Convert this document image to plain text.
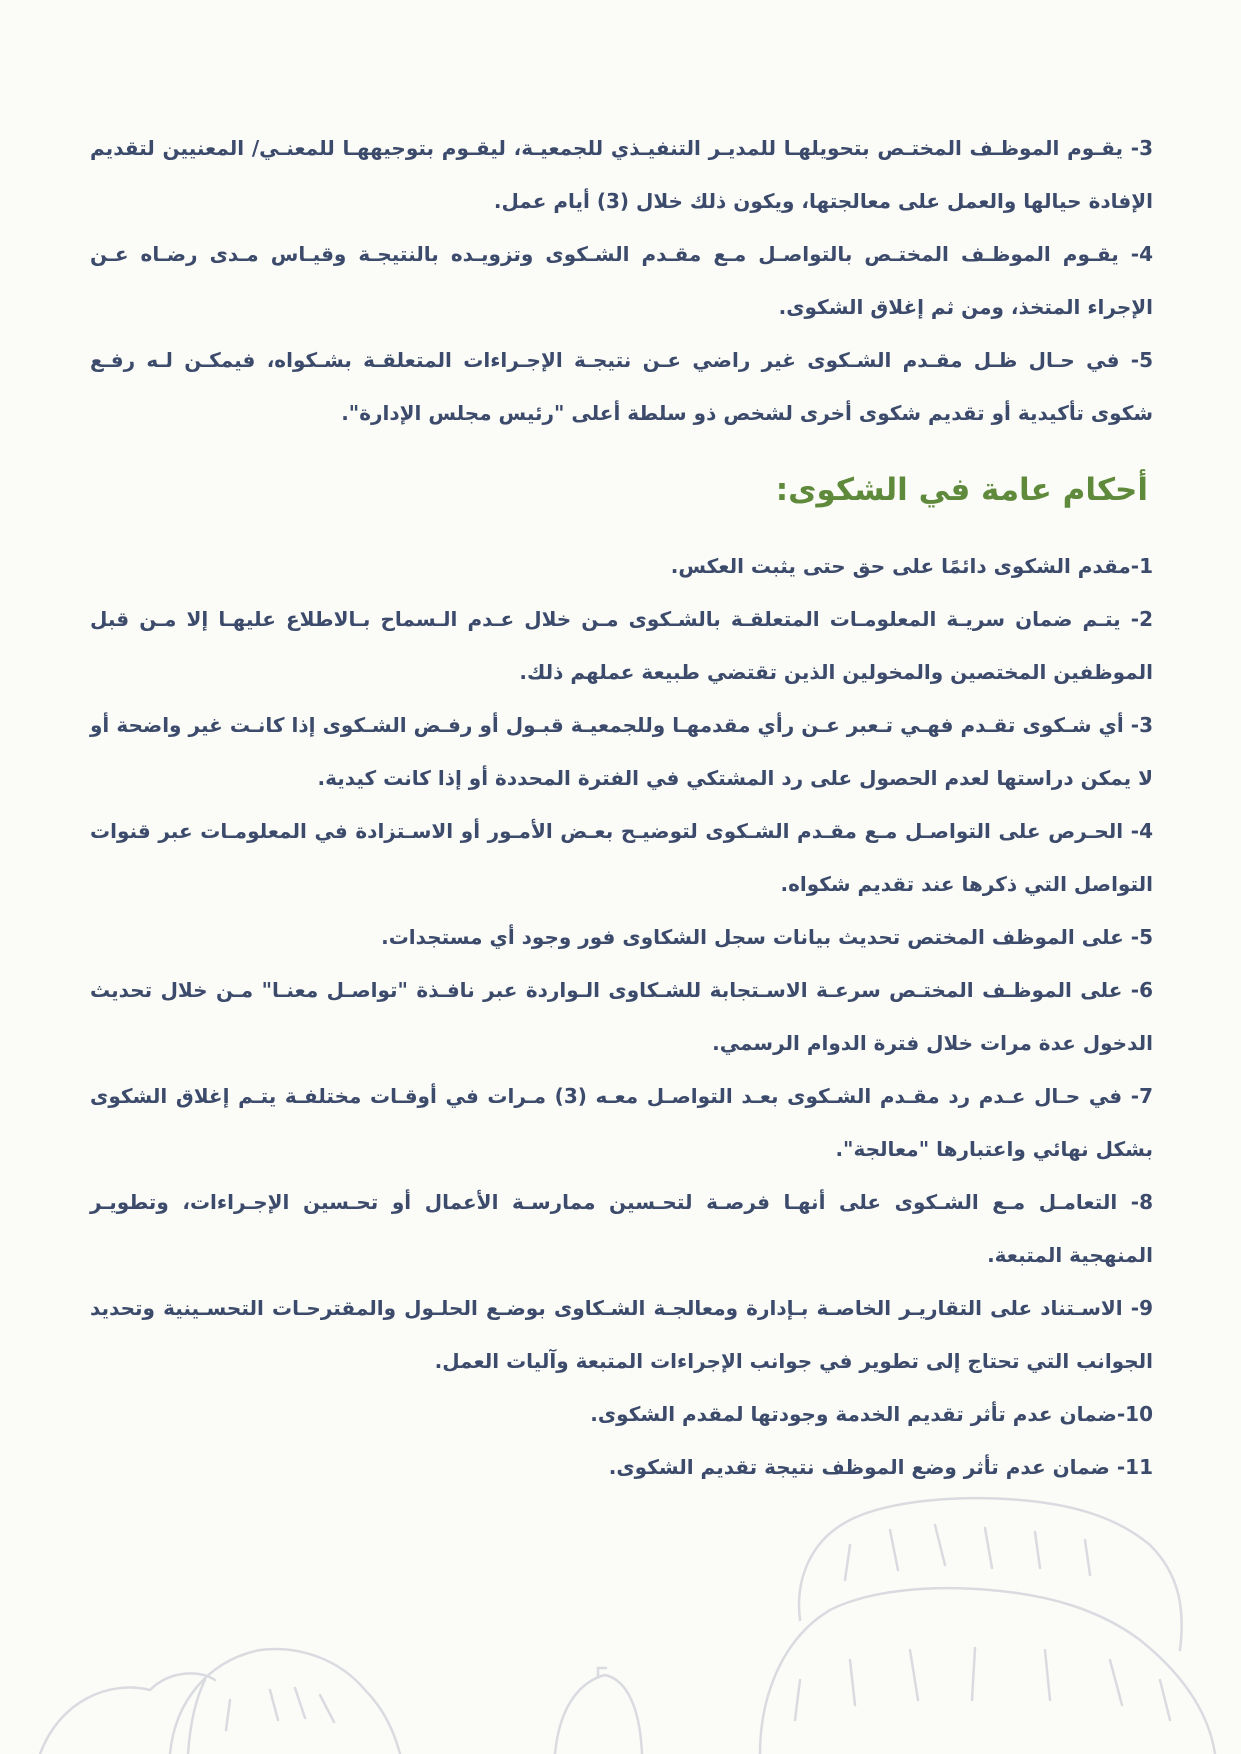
3- يقـوم الموظـف المختـص بتحويلهـا للمديـر التنفيـذي للجمعيـة، ليقـوم بتوجيههـا للمعنـي/ المعنيين لتقديم الإفادة حيالها والعمل على معالجتها، ويكون ذلك خلال (3) أيام عمل.

4- يقـوم الموظـف المختـص بالتواصـل مـع مقـدم الشـكوى وتزويـده بالنتيجـة وقيـاس مـدى رضـاه عـن الإجراء المتخذ، ومن ثم إغلاق الشكوى.

5- في حـال ظـل مقـدم الشـكوى غير راضي عـن نتيجـة الإجـراءات المتعلقـة بشـكواه، فيمكـن لـه رفـع شكوى تأكيدية أو تقديم شكوى أخرى لشخص ذو سلطة أعلى "رئيس مجلس الإدارة".

أحكام عامة في الشكوى:

1-مقدم الشكوى دائمًا على حق حتى يثبت العكس.

2- يتـم ضمان سريـة المعلومـات المتعلقـة بالشـكوى مـن خلال عـدم الـسماح بـالاطلاع عليهـا إلا مـن قبل الموظفين المختصين والمخولين الذين تقتضي طبيعة عملهم ذلك.

3- أي شـكوى تقـدم فهـي تـعبر عـن رأي مقدمهـا وللجمعيـة قبـول أو رفـض الشـكوى إذا كانـت غير واضحة أو لا يمكن دراستها لعدم الحصول على رد المشتكي في الفترة المحددة أو إذا كانت كيدية.

4- الحـرص على التواصـل مـع مقـدم الشـكوى لتوضيـح بعـض الأمـور أو الاسـتزادة في المعلومـات عبر قنوات التواصل التي ذكرها عند تقديم شكواه.

5- على الموظف المختص تحديث بيانات سجل الشكاوى فور وجود أي مستجدات.

6- على الموظـف المختـص سرعـة الاسـتجابة للشـكاوى الـواردة عبر نافـذة "تواصـل معنـا" مـن خلال تحديث الدخول عدة مرات خلال فترة الدوام الرسمي.

7- في حـال عـدم رد مقـدم الشـكوى بعـد التواصـل معـه (3) مـرات في أوقـات مختلفـة يتـم إغلاق الشكوى بشكل نهائي واعتبارها "معالجة".

8- التعامـل مـع الشـكوى على أنهـا فرصـة لتحـسين ممارسـة الأعمال أو تحـسين الإجـراءات، وتطويـر المنهجية المتبعة.

9- الاسـتناد على التقاريـر الخاصـة بـإدارة ومعالجـة الشـكاوى بوضـع الحلـول والمقترحـات التحسـينية وتحديد الجوانب التي تحتاج إلى تطوير في جوانب الإجراءات المتبعة وآليات العمل.

10-ضمان عدم تأثر تقديم الخدمة وجودتها لمقدم الشكوى.

11- ضمان عدم تأثر وضع الموظف نتيجة تقديم الشكوى.
